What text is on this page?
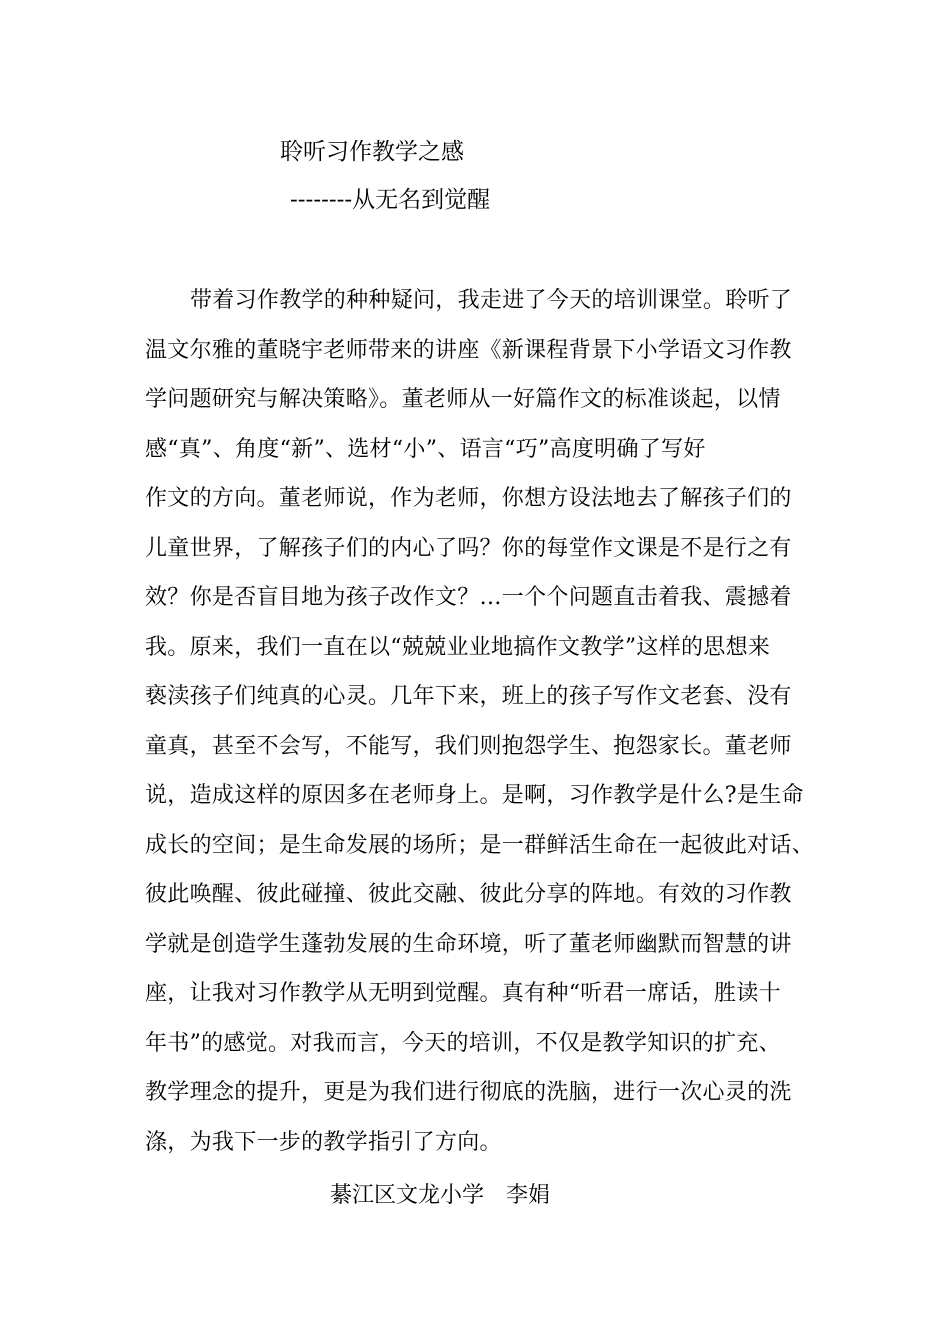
聆听习作教学之感
--------从无名到觉醒
带着习作教学的种种疑问，我走进了今天的培训课堂。聆听了
温文尔雅的董晓宇老师带来的讲座《新课程背景下小学语文习作教
学问题研究与解决策略》。董老师从一好篇作文的标准谈起，以情
感“真”、角度“新”、选材“小”、语言“巧”高度明确了写好
作文的方向。董老师说，作为老师，你想方设法地去了解孩子们的
儿童世界，了解孩子们的内心了吗？你的每堂作文课是不是行之有
效？你是否盲目地为孩子改作文？…一个个问题直击着我、震撼着
我。原来，我们一直在以“兢兢业业地搞作文教学”这样的思想来
亵渎孩子们纯真的心灵。几年下来，班上的孩子写作文老套、没有
童真，甚至不会写，不能写，我们则抱怨学生、抱怨家长。董老师
说，造成这样的原因多在老师身上。是啊，习作教学是什么?是生命
成长的空间；是生命发展的场所；是一群鲜活生命在一起彼此对话、
彼此唤醒、彼此碰撞、彼此交融、彼此分享的阵地。有效的习作教
学就是创造学生蓬勃发展的生命环境，听了董老师幽默而智慧的讲
座，让我对习作教学从无明到觉醒。真有种“听君一席话，胜读十
年书”的感觉。对我而言，今天的培训，不仅是教学知识的扩充、
教学理念的提升，更是为我们进行彻底的洗脑，进行一次心灵的洗
涤，为我下一步的教学指引了方向。
綦江区文龙小学　李娟
